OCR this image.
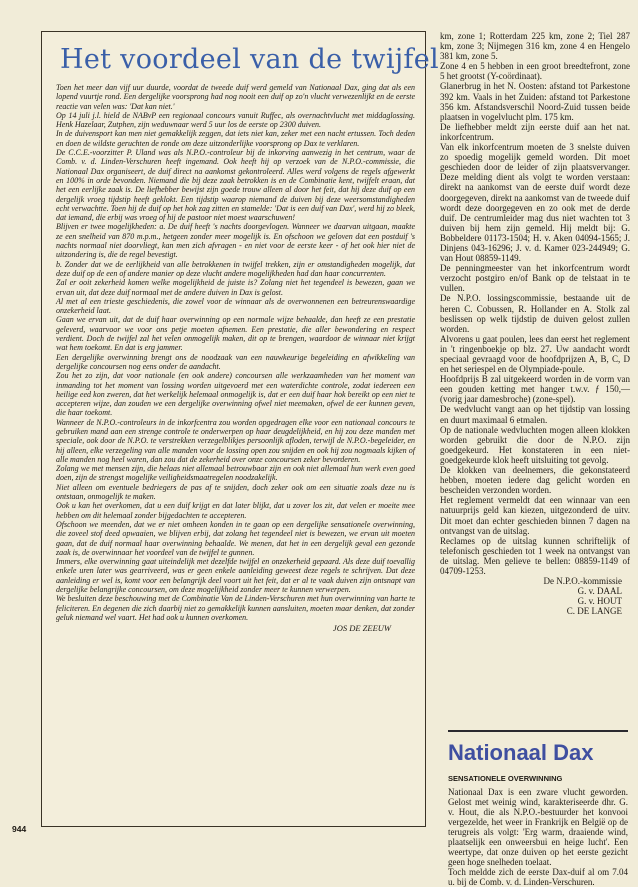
Het voordeel van de twijfel

Toen het meer dan vijf uur duurde, voordat de tweede duif werd gemeld van Nationaal Dax, ging dat als een lopend vuurtje rond. Een dergelijke voorsprong had nog nooit een duif op zo'n vlucht verwezenlijkt en de eerste reactie van velen was: 'Dat kan niet.'

Op 14 juli j.l. hield de NABvP een regionaal concours vanuit Ruffec, als overnachtvlucht met middaglossing. Henk Hazelaar, Zutphen, zijn weduwnaar werd 5 uur los de eerste op 2300 duiven.

In de duivensport kan men niet gemakkelijk zeggen, dat iets niet kan, zeker met een nacht ertussen. Toch deden en doen de wildste geruchten de ronde om deze uitzonderlijke voorsprong op Dax te verklaren.

De C.C.E.-voorzitter P. Uland was als N.P.O.-controleur bij de inkorving aanwezig in het centrum, waar de Comb. v. d. Linden-Verschuren heeft ingemand. Ook heeft hij op verzoek van de N.P.O.-commissie, die Nationaal Dax organiseert, de duif direct na aankomst gekontroleerd. Alles werd volgens de regels afgewerkt en 100% in orde bevonden. Niemand die bij deze zaak betrokken is en de Combinatie kent, twijfelt eraan, dat het een eerlijke zaak is. De liefhebber bewijst zijn goede trouw alleen al door het feit, dat hij deze duif op een dergelijk vroeg tijdstip heeft geklokt. Een tijdstip waarop niemand de duiven bij deze weersomstandigheden echt verwachtte. Toen hij de duif op het hok zag zitten en stamelde: 'Dat is een duif van Dax', werd hij zo bleek, dat iemand, die erbij was vroeg of hij de pastoor niet moest waarschuwen!

Blijven er twee mogelijkheden: a. De duif heeft 's nachts doorgevlogen. Wanneer we daarvan uitgaan, maakte ze een snelheid van 870 m.p.m., hetgeen zonder meer mogelijk is. En ofschoon we geloven dat een postduif 's nachts normaal niet doorvliegt, kan men zich afvragen - en niet voor de eerste keer - of het ook hier niet de uitzondering is, die de regel bevestigt.

b. Zonder dat we de eerlijkheid van alle betrokkenen in twijfel trekken, zijn er omstandigheden mogelijk, dat deze duif op de een of andere manier op deze vlucht andere mogelijkheden had dan haar concurrenten.

Zal er ooit zekerheid komen welke mogelijkheid de juiste is? Zolang niet het tegendeel is bewezen, gaan we ervan uit, dat deze duif normaal met de andere duiven in Dax is gelost.

Al met al een trieste geschiedenis, die zowel voor de winnaar als de overwonnenen een betreurenswaardige onzekerheid laat.

Gaan we ervan uit, dat de duif haar overwinning op een normale wijze behaalde, dan heeft ze een prestatie geleverd, waarvoor we voor ons petje moeten afnemen. Een prestatie, die aller bewondering en respect verdient. Doch de twijfel zal het velen onmogelijk maken, dit op te brengen, waardoor de winnaar niet krijgt wat hem toekomt. En dat is erg jammer.

Een dergelijke overwinning brengt ons de noodzaak van een nauwkeurige begeleiding en afwikkeling van dergelijke concoursen nog eens onder de aandacht.

Zou het zo zijn, dat voor nationale (en ook andere) concoursen alle werkzaamheden van het moment van inmanding tot het moment van lossing worden uitgevoerd met een waterdichte controle, zodat iedereen een heilige eed kon zweren, dat het werkelijk helemaal onmogelijk is, dat er een duif haar hok bereikt op een niet te accepteren wijze, dan zouden we een dergelijke overwinning ofwel niet meemaken, ofwel de eer kunnen geven, die haar toekomt.

Wanneer de N.P.O.-controleurs in de inkorfcentra zou worden opgedragen elke voor een nationaal concours te gebruiken mand aan een strenge controle te onderwerpen op haar deugdelijkheid, en hij zou deze manden met speciale, ook door de N.P.O. te verstrekken verzegelblikjes persoonlijk afloden, terwijl de N.P.O.-begeleider, en hij alleen, elke verzegeling van alle manden voor de lossing open zou snijden en ook hij zou nogmaals kijken of alle manden nog heel waren, dan zou dat de zekerheid over onze concoursen zeker bevorderen.

Zolang we met mensen zijn, die helaas niet allemaal betrouwbaar zijn en ook niet allemaal hun werk even goed doen, zijn de strengst mogelijke veiligheidsmaatregelen noodzakelijk.

Niet alleen om eventuele bedriegers de pas af te snijden, doch zeker ook om een situatie zoals deze nu is ontstaan, onmogelijk te maken.

Ook u kan het overkomen, dat u een duif krijgt en dat later blijkt, dat u zover los zit, dat velen er moeite mee hebben om dit helemaal zonder bijgedachten te accepteren.

Ofschoon we meenden, dat we er niet omheen konden in te gaan op een dergelijke sensationele overwinning, die zoveel stof deed opwaaien, we blijven erbij, dat zolang het tegendeel niet is bewezen, we ervan uit moeten gaan, dat de duif normaal haar overwinning behaalde. We menen, dat het in een dergelijk geval een gezonde zaak is, de overwinnaar het voordeel van de twijfel te gunnen.

Immers, elke overwinning gaat uiteindelijk met dezelfde twijfel en onzekerheid gepaard. Als deze duif toevallig enkele uren later was gearriveerd, was er geen enkele aanleiding geweest deze regels te schrijven. Dat deze aanleiding er wel is, komt voor een belangrijk deel voort uit het feit, dat er al te vaak duiven zijn ontsnapt van dergelijke belangrijke concoursen, om deze mogelijkheid zonder meer te kunnen verwerpen.

We besluiten deze beschouwing met de Combinatie Van de Linden-Verschuren met hun overwinning van harte te feliciteren. En degenen die zich daarbij niet zo gemakkelijk kunnen aansluiten, moeten maar denken, dat zonder geluk niemand wel vaart. Het had ook u kunnen overkomen.

JOS DE ZEEUW
944

km, zone 1; Rotterdam 225 km, zone 2; Tiel 287 km, zone 3; Nijmegen 316 km, zone 4 en Hengelo 381 km, zone 5.

Zone 4 en 5 hebben in een groot breedtefront, zone 5 het grootst (Y-coördinaat).

Glanerbrug in het N. Oosten: afstand tot Parkestone 392 km. Vaals in het Zuiden: afstand tot Parkestone 356 km. Afstandsverschil Noord-Zuid tussen beide plaatsen in vogelvlucht plm. 175 km.

De liefhebber meldt zijn eerste duif aan het nat. inkorfcentrum.

Van elk inkorfcentrum moeten de 3 snelste duiven zo spoedig mogelijk gemeld worden. Dit moet geschieden door de leider of zijn plaatsvervanger. Deze melding dient als volgt te worden verstaan: direkt na aankomst van de eerste duif wordt deze doorgegeven, direkt na aankomst van de tweede duif wordt deze doorgegeven en zo ook met de derde duif. De centrumleider mag dus niet wachten tot 3 duiven bij hem zijn gemeld. Hij meldt bij: G. Bobbeldere 01173-1504; H. v. Aken 04094-1565; J. Dinjens 043-16296; J. v. d. Kamer 023-244949; G. van Hout 08859-1149.

De penningmeester van het inkorfcentrum wordt verzocht postgiro en/of Bank op de telstaat in te vullen.

De N.P.O. lossingscommissie, bestaande uit de heren C. Cobussen, R. Hollander en A. Stolk zal beslissen op welk tijdstip de duiven gelost zullen worden.

Alvorens u gaat poulen, lees dan eerst het reglement in 't ringenboekje op blz. 27. Uw aandacht wordt speciaal gevraagd voor de hoofdprijzen A, B, C, D en het seriespel en de Olympiade-poule.

Hoofdprijs B zal uitgekeerd worden in de vorm van een gouden ketting met hanger t.w.v. ƒ 150,— (vorig jaar damesbroche) (zone-spel).

De wedvlucht vangt aan op het tijdstip van lossing en duurt maximaal 6 etmalen.

Op de nationale wedvluchten mogen alleen klokken worden gebruikt die door de N.P.O. zijn goedgekeurd. Het konstateren in een niet-goedgekeurde klok heeft uitsluiting tot gevolg.

De klokken van deelnemers, die gekonstateerd hebben, moeten iedere dag gelicht worden en bescheiden verzonden worden.

Het reglement vermeldt dat een winnaar van een natuurprijs geld kan kiezen, uitgezonderd de uitv. Dit moet dan echter geschieden binnen 7 dagen na ontvangst van de uitslag.

Reclames op de uitslag kunnen schriftelijk of telefonisch geschieden tot 1 week na ontvangst van de uitslag. Men gelieve te bellen: 08859-1149 of 04709-1253.

De N.P.O.-kommissie
G. v. DAAL
G. v. HOUT
C. DE LANGE
Nationaal Dax
SENSATIONELE OVERWINNING

Nationaal Dax is een zware vlucht geworden. Gelost met weinig wind, karakteriseerde dhr. G. v. Hout, die als N.P.O.-bestuurder het konvooi vergezelde, het weer in Frankrijk en België op de terugreis als volgt: 'Erg warm, draaiende wind, plaatselijk een onweersbui en heige lucht'. Een weertype, dat onze duiven op het eerste gezicht geen hoge snelheden toelaat.

Toch meldde zich de eerste Dax-duif al om 7.04 u. bij de Comb. v. d. Linden-Verschuren.
